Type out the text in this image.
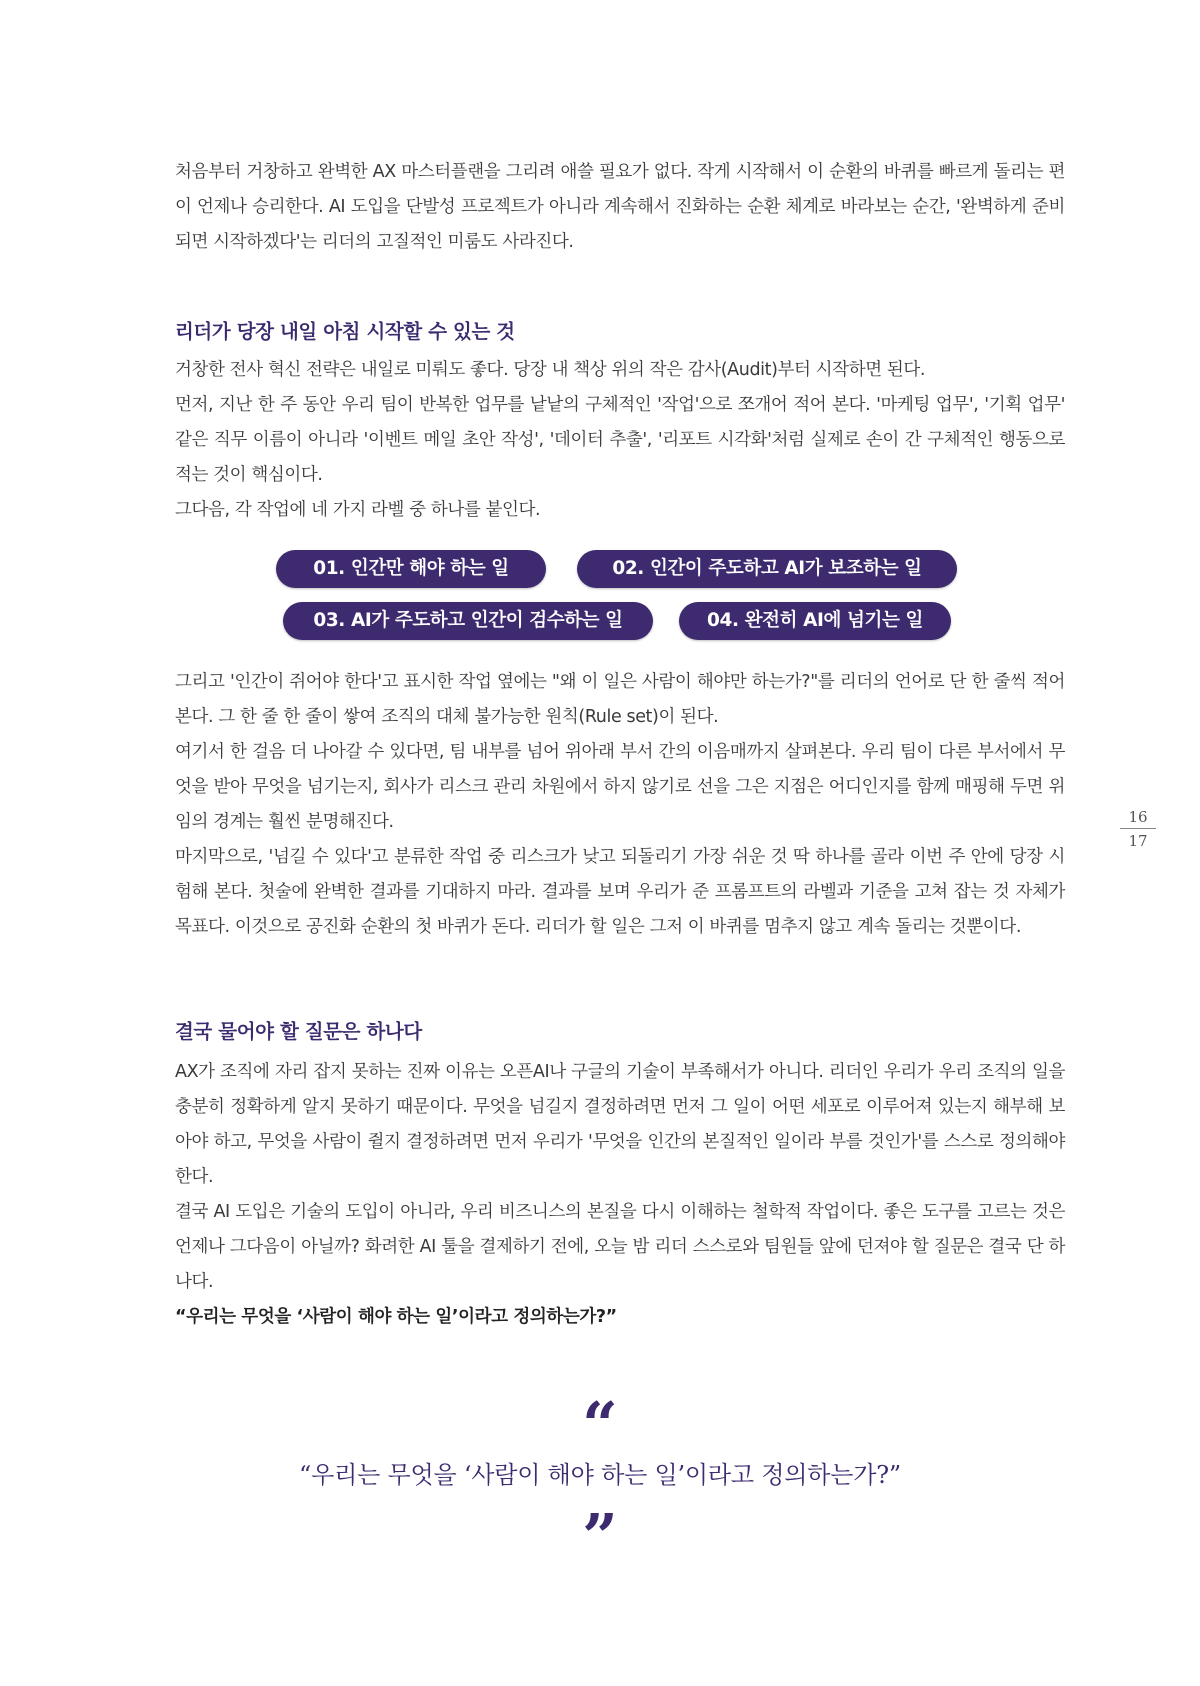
처음부터 거창하고 완벽한 AX 마스터플랜을 그리려 애쓸 필요가 없다. 작게 시작해서 이 순환의 바퀴를 빠르게 돌리는 편이 언제나 승리한다. AI 도입을 단발성 프로젝트가 아니라 계속해서 진화하는 순환 체계로 바라보는 순간, '완벽하게 준비되면 시작하겠다'는 리더의 고질적인 미룸도 사라진다.

리더가 당장 내일 아침 시작할 수 있는 것

거창한 전사 혁신 전략은 내일로 미뤄도 좋다. 당장 내 책상 위의 작은 감사(Audit)부터 시작하면 된다.

먼저, 지난 한 주 동안 우리 팀이 반복한 업무를 낱낱의 구체적인 '작업'으로 쪼개어 적어 본다. '마케팅 업무', '기획 업무' 같은 직무 이름이 아니라 '이벤트 메일 초안 작성', '데이터 추출', '리포트 시각화'처럼 실제로 손이 간 구체적인 행동으로 적는 것이 핵심이다.

그다음, 각 작업에 네 가지 라벨 중 하나를 붙인다.

01. 인간만 해야 하는 일	02. 인간이 주도하고 AI가 보조하는 일
03. AI가 주도하고 인간이 검수하는 일	04. 완전히 AI에 넘기는 일

그리고 '인간이 쥐어야 한다'고 표시한 작업 옆에는 "왜 이 일은 사람이 해야만 하는가?"를 리더의 언어로 단 한 줄씩 적어 본다. 그 한 줄 한 줄이 쌓여 조직의 대체 불가능한 원칙(Rule set)이 된다.

여기서 한 걸음 더 나아갈 수 있다면, 팀 내부를 넘어 위아래 부서 간의 이음매까지 살펴본다. 우리 팀이 다른 부서에서 무엇을 받아 무엇을 넘기는지, 회사가 리스크 관리 차원에서 하지 않기로 선을 그은 지점은 어디인지를 함께 매핑해 두면 위임의 경계는 훨씬 분명해진다.

마지막으로, '넘길 수 있다'고 분류한 작업 중 리스크가 낮고 되돌리기 가장 쉬운 것 딱 하나를 골라 이번 주 안에 당장 시험해 본다. 첫술에 완벽한 결과를 기대하지 마라. 결과를 보며 우리가 준 프롬프트의 라벨과 기준을 고쳐 잡는 것 자체가 목표다. 이것으로 공진화 순환의 첫 바퀴가 돈다. 리더가 할 일은 그저 이 바퀴를 멈추지 않고 계속 돌리는 것뿐이다.

결국 물어야 할 질문은 하나다

AX가 조직에 자리 잡지 못하는 진짜 이유는 오픈AI나 구글의 기술이 부족해서가 아니다. 리더인 우리가 우리 조직의 일을 충분히 정확하게 알지 못하기 때문이다. 무엇을 넘길지 결정하려면 먼저 그 일이 어떤 세포로 이루어져 있는지 해부해 보아야 하고, 무엇을 사람이 쥘지 결정하려면 먼저 우리가 '무엇을 인간의 본질적인 일이라 부를 것인가'를 스스로 정의해야 한다.

결국 AI 도입은 기술의 도입이 아니라, 우리 비즈니스의 본질을 다시 이해하는 철학적 작업이다. 좋은 도구를 고르는 것은 언제나 그다음이 아닐까? 화려한 AI 툴을 결제하기 전에, 오늘 밤 리더 스스로와 팀원들 앞에 던져야 할 질문은 결국 단 하나다.

“우리는 무엇을 ‘사람이 해야 하는 일’이라고 정의하는가?”

16
17
“
“우리는 무엇을 ‘사람이 해야 하는 일’이라고 정의하는가?”
”
